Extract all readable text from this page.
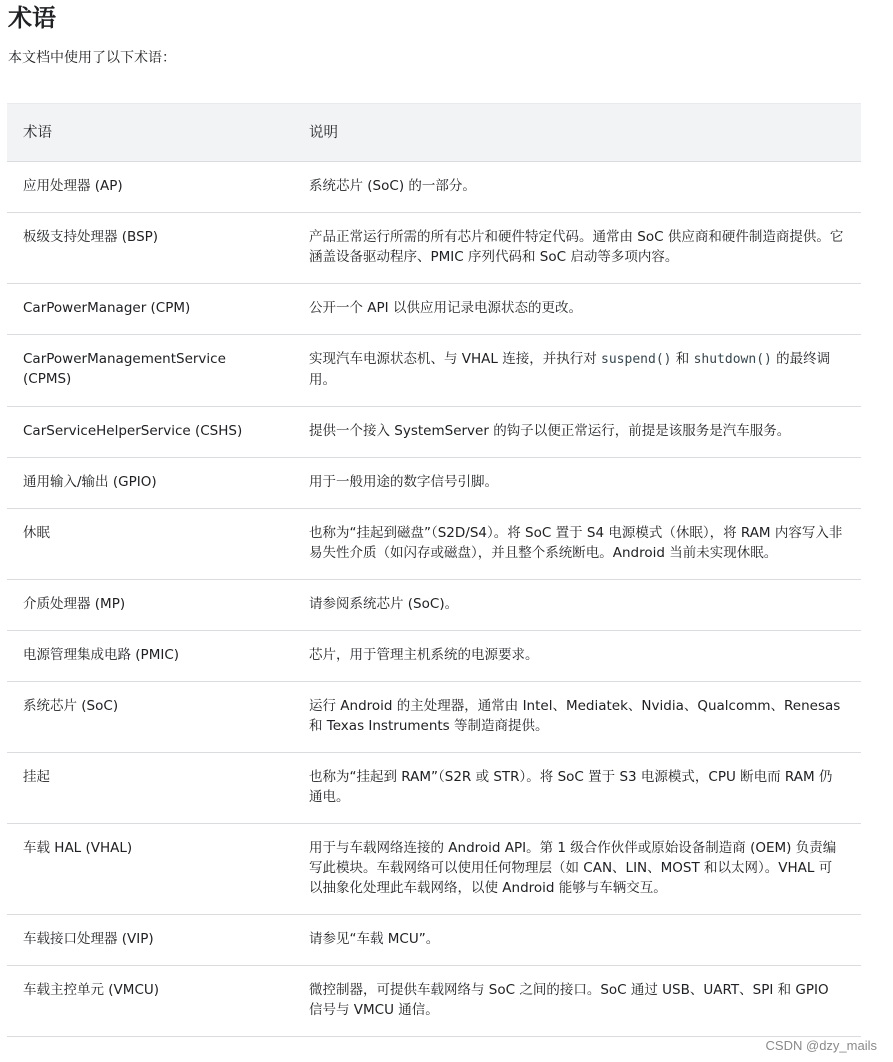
术语

本文档中使用了以下术语：

术语	说明
应用处理器 (AP)	系统芯片 (SoC) 的一部分。
板级支持处理器 (BSP)	产品正常运行所需的所有芯片和硬件特定代码。通常由 SoC 供应商和硬件制造商提供。它涵盖设备驱动程序、PMIC 序列代码和 SoC 启动等多项内容。
CarPowerManager (CPM)	公开一个 API 以供应用记录电源状态的更改。
CarPowerManagementService (CPMS)	实现汽车电源状态机、与 VHAL 连接，并执行对 suspend() 和 shutdown() 的最终调用。
CarServiceHelperService (CSHS)	提供一个接入 SystemServer 的钩子以便正常运行，前提是该服务是汽车服务。
通用输入/输出 (GPIO)	用于一般用途的数字信号引脚。
休眠	也称为“挂起到磁盘”（S2D/S4）。将 SoC 置于 S4 电源模式（休眠），将 RAM 内容写入非易失性介质（如闪存或磁盘），并且整个系统断电。Android 当前未实现休眠。
介质处理器 (MP)	请参阅系统芯片 (SoC)。
电源管理集成电路 (PMIC)	芯片，用于管理主机系统的电源要求。
系统芯片 (SoC)	运行 Android 的主处理器，通常由 Intel、Mediatek、Nvidia、Qualcomm、Renesas 和 Texas Instruments 等制造商提供。
挂起	也称为“挂起到 RAM”（S2R 或 STR）。将 SoC 置于 S3 电源模式，CPU 断电而 RAM 仍通电。
车载 HAL (VHAL)	用于与车载网络连接的 Android API。第 1 级合作伙伴或原始设备制造商 (OEM) 负责编写此模块。车载网络可以使用任何物理层（如 CAN、LIN、MOST 和以太网）。VHAL 可以抽象化处理此车载网络，以使 Android 能够与车辆交互。
车载接口处理器 (VIP)	请参见“车载 MCU”。
车载主控单元 (VMCU)	微控制器，可提供车载网络与 SoC 之间的接口。SoC 通过 USB、UART、SPI 和 GPIO 信号与 VMCU 通信。
CSDN @dzy_mails
